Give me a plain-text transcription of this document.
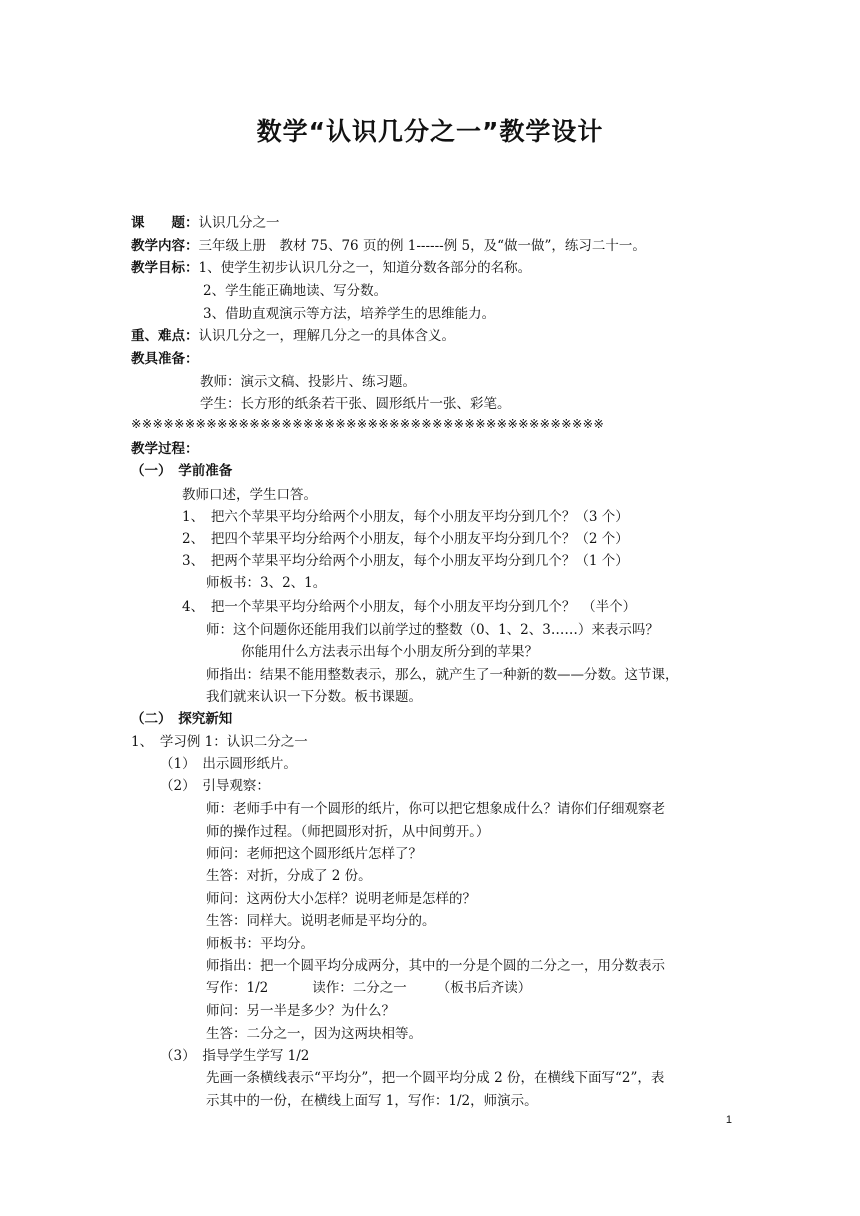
数学“认识几分之一”教学设计
课　　题：认识几分之一
教学内容：三年级上册　教材 75、76 页的例 1------例 5，及“做一做”，练习二十一。
教学目标：1、使学生初步认识几分之一，知道分数各部分的名称。
2、学生能正确地读、写分数。
3、借助直观演示等方法，培养学生的思维能力。
重、难点：认识几分之一，理解几分之一的具体含义。
教具准备：
教师：演示文稿、投影片、练习题。
学生：长方形的纸条若干张、圆形纸片一张、彩笔。
※※※※※※※※※※※※※※※※※※※※※※※※※※※※※※※※※※※※※※※※※※※※
教学过程：
（一）　学前准备
教师口述，学生口答。
1、　把六个苹果平均分给两个小朋友，每个小朋友平均分到几个？（3 个）
2、　把四个苹果平均分给两个小朋友，每个小朋友平均分到几个？（2 个）
3、　把两个苹果平均分给两个小朋友，每个小朋友平均分到几个？（1 个）
师板书：3、2、1。
4、　把一个苹果平均分给两个小朋友，每个小朋友平均分到几个？　（半个）
师：这个问题你还能用我们以前学过的整数（0、1、2、3……）来表示吗？
你能用什么方法表示出每个小朋友所分到的苹果？
师指出：结果不能用整数表示，那么，就产生了一种新的数——分数。这节课，
我们就来认识一下分数。板书课题。
（二）　探究新知
1、　学习例 1：认识二分之一
（1）　出示圆形纸片。
（2）　引导观察：
师：老师手中有一个圆形的纸片，你可以把它想象成什么？请你们仔细观察老
师的操作过程。（师把圆形对折，从中间剪开。）
师问：老师把这个圆形纸片怎样了？
生答：对折，分成了 2 份。
师问：这两份大小怎样？说明老师是怎样的？
生答：同样大。说明老师是平均分的。
师板书：平均分。
师指出：把一个圆平均分成两分，其中的一分是个圆的二分之一，用分数表示
写作：1/2	读作：二分之一 （板书后齐读）
师问：另一半是多少？为什么？
生答：二分之一，因为这两块相等。
（3）　指导学生学写 1/2
先画一条横线表示“平均分”，把一个圆平均分成 2 份，在横线下面写“2”，表
示其中的一份，在横线上面写 1，写作：1/2，师演示。
1
